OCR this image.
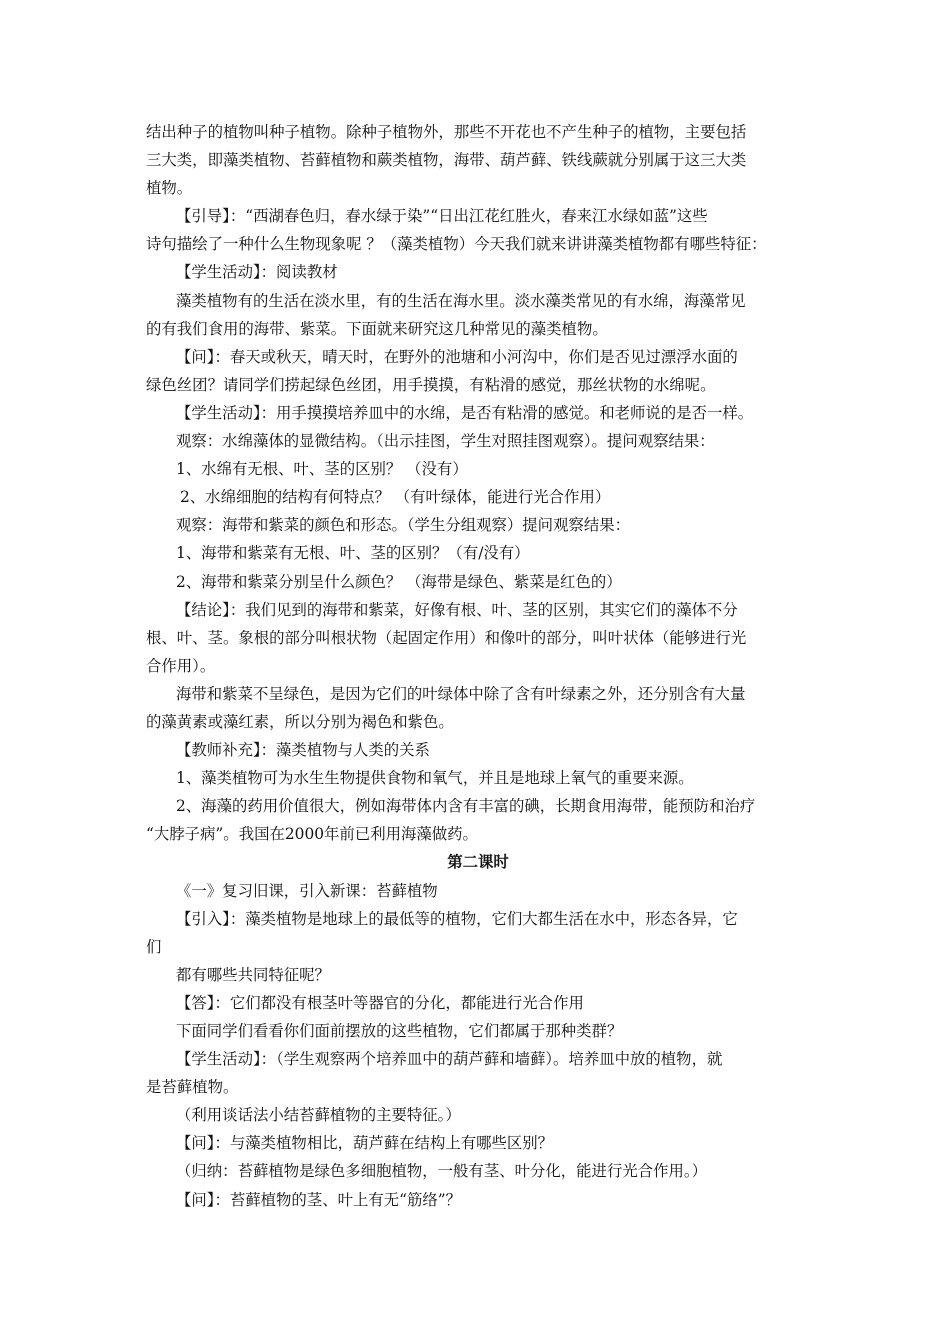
结出种子的植物叫种子植物。除种子植物外，那些不开花也不产生种子的植物，主要包括
三大类，即藻类植物、苔藓植物和蕨类植物，海带、葫芦藓、铁线蕨就分别属于这三大类
植物。
【引导】：“西湖春色归，春水绿于染”“日出江花红胜火，春来江水绿如蓝”这些
诗句描绘了一种什么生物现象呢 ？（藻类植物）今天我们就来讲讲藻类植物都有哪些特征：
【学生活动】：阅读教材
藻类植物有的生活在淡水里，有的生活在海水里。淡水藻类常见的有水绵，海藻常见
的有我们食用的海带、紫菜。下面就来研究这几种常见的藻类植物。
【问】：春天或秋天，晴天时，在野外的池塘和小河沟中，你们是否见过漂浮水面的
绿色丝团？请同学们捞起绿色丝团，用手摸摸，有粘滑的感觉，那丝状物的水绵呢。
【学生活动】：用手摸摸培养皿中的水绵，是否有粘滑的感觉。和老师说的是否一样。
观察：水绵藻体的显微结构。（出示挂图，学生对照挂图观察）。提问观察结果：
1、水绵有无根、叶、茎的区别？ （没有）
2、水绵细胞的结构有何特点？ （有叶绿体，能进行光合作用）
观察：海带和紫菜的颜色和形态。（学生分组观察）提问观察结果：
1、海带和紫菜有无根、叶、茎的区别？（有/没有）
2、海带和紫菜分别呈什么颜色？ （海带是绿色、紫菜是红色的）
【结论】：我们见到的海带和紫菜，好像有根、叶、茎的区别，其实它们的藻体不分
根、叶、茎。象根的部分叫根状物（起固定作用）和像叶的部分，叫叶状体（能够进行光
合作用）。
海带和紫菜不呈绿色，是因为它们的叶绿体中除了含有叶绿素之外，还分别含有大量
的藻黄素或藻红素，所以分别为褐色和紫色。
【教师补充】：藻类植物与人类的关系
1、藻类植物可为水生生物提供食物和氧气，并且是地球上氧气的重要来源。
2、海藻的药用价值很大，例如海带体内含有丰富的碘，长期食用海带，能预防和治疗
“大脖子病”。我国在2000年前已利用海藻做药。
第二课时
《一》复习旧课，引入新课：苔藓植物
【引入】：藻类植物是地球上的最低等的植物，它们大都生活在水中，形态各异，它
们
都有哪些共同特征呢？
【答】：它们都没有根茎叶等器官的分化，都能进行光合作用
下面同学们看看你们面前摆放的这些植物，它们都属于那种类群？
【学生活动】：（学生观察两个培养皿中的葫芦藓和墙藓）。培养皿中放的植物，就
是苔藓植物。
（利用谈话法小结苔藓植物的主要特征。）
【问】：与藻类植物相比，葫芦藓在结构上有哪些区别？
（归纳：苔藓植物是绿色多细胞植物，一般有茎、叶分化，能进行光合作用。）
【问】：苔藓植物的茎、叶上有无“筋络”？
